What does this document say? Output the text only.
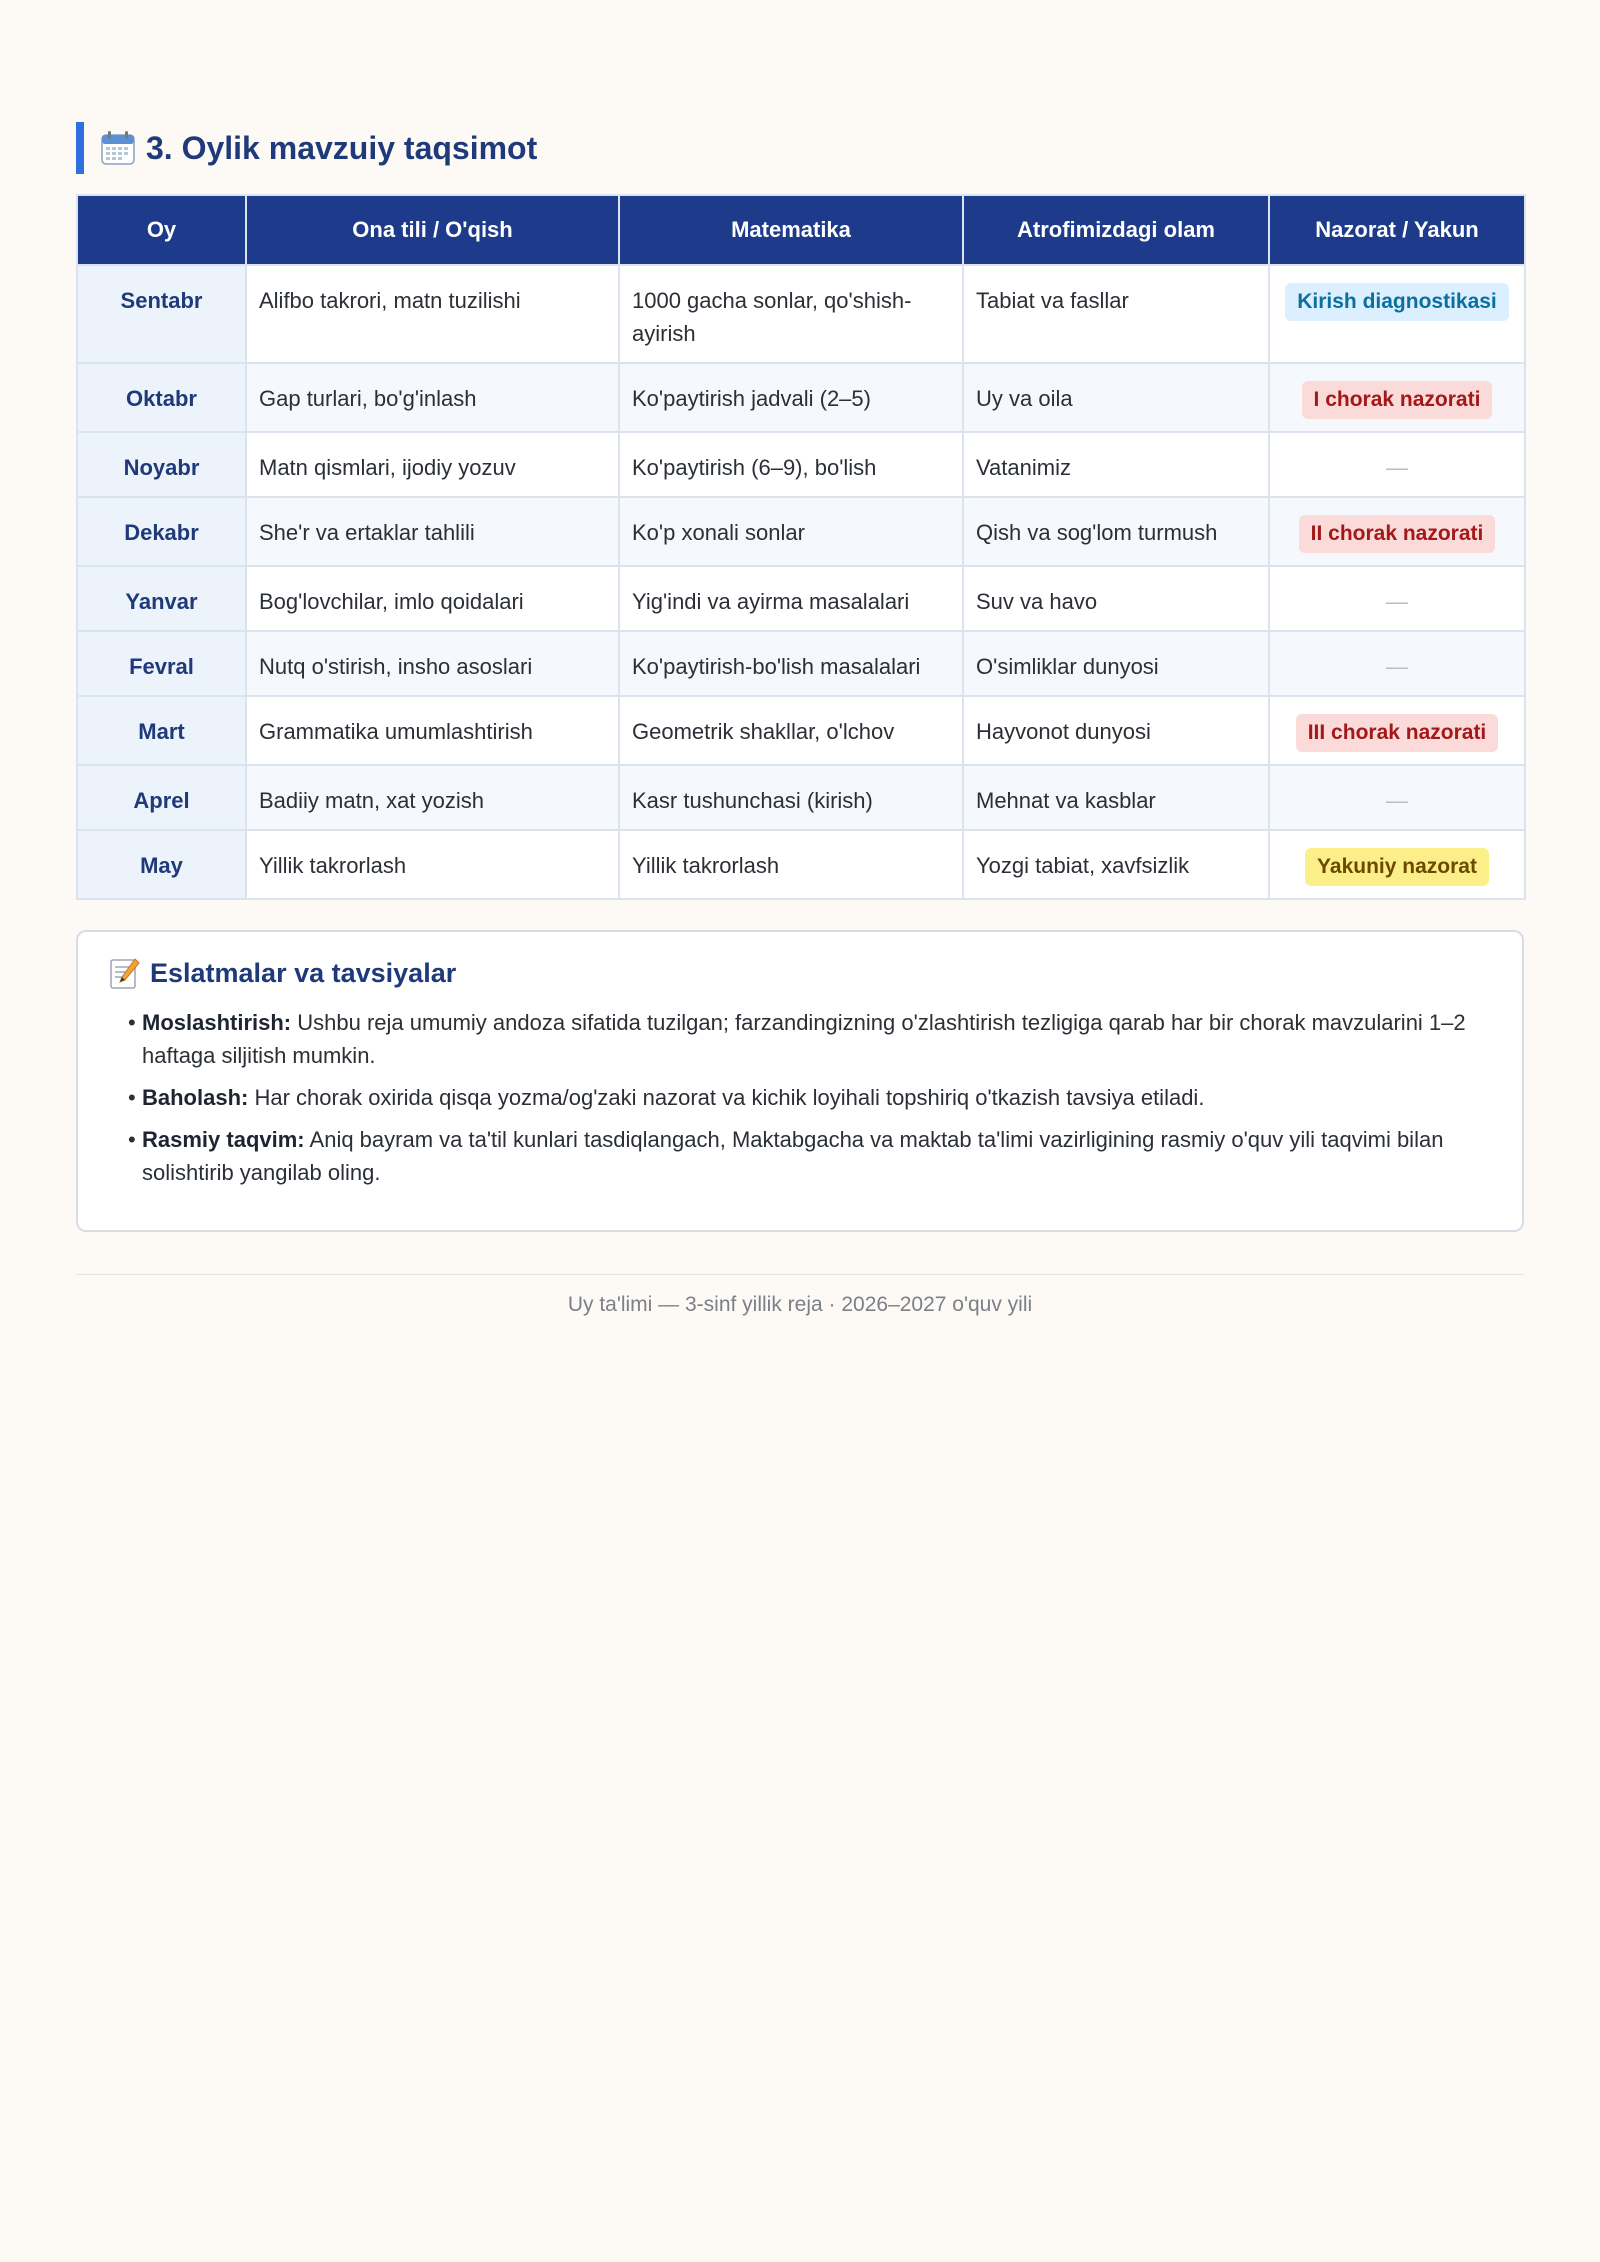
3. Oylik mavzuiy taqsimot
Oy	Ona tili / O'qish	Matematika	Atrofimizdagi olam	Nazorat / Yakun
Sentabr	Alifbo takrori, matn tuzilishi	1000 gacha sonlar, qo'shish-ayirish	Tabiat va fasllar	Kirish diagnostikasi
Oktabr	Gap turlari, bo'g'inlash	Ko'paytirish jadvali (2–5)	Uy va oila	I chorak nazorati
Noyabr	Matn qismlari, ijodiy yozuv	Ko'paytirish (6–9), bo'lish	Vatanimiz	—
Dekabr	She'r va ertaklar tahlili	Ko'p xonali sonlar	Qish va sog'lom turmush	II chorak nazorati
Yanvar	Bog'lovchilar, imlo qoidalari	Yig'indi va ayirma masalalari	Suv va havo	—
Fevral	Nutq o'stirish, insho asoslari	Ko'paytirish-bo'lish masalalari	O'simliklar dunyosi	—
Mart	Grammatika umumlashtirish	Geometrik shakllar, o'lchov	Hayvonot dunyosi	III chorak nazorati
Aprel	Badiiy matn, xat yozish	Kasr tushunchasi (kirish)	Mehnat va kasblar	—
May	Yillik takrorlash	Yillik takrorlash	Yozgi tabiat, xavfsizlik	Yakuniy nazorat
Eslatmalar va tavsiyalar
• Moslashtirish: Ushbu reja umumiy andoza sifatida tuzilgan; farzandingizning o'zlashtirish tezligiga qarab har bir chorak mavzularini 1–2 haftaga siljitish mumkin.
• Baholash: Har chorak oxirida qisqa yozma/og'zaki nazorat va kichik loyihali topshiriq o'tkazish tavsiya etiladi.
• Rasmiy taqvim: Aniq bayram va ta'til kunlari tasdiqlangach, Maktabgacha va maktab ta'limi vazirligining rasmiy o'quv yili taqvimi bilan solishtirib yangilab oling.
Uy ta'limi — 3-sinf yillik reja · 2026–2027 o'quv yili
